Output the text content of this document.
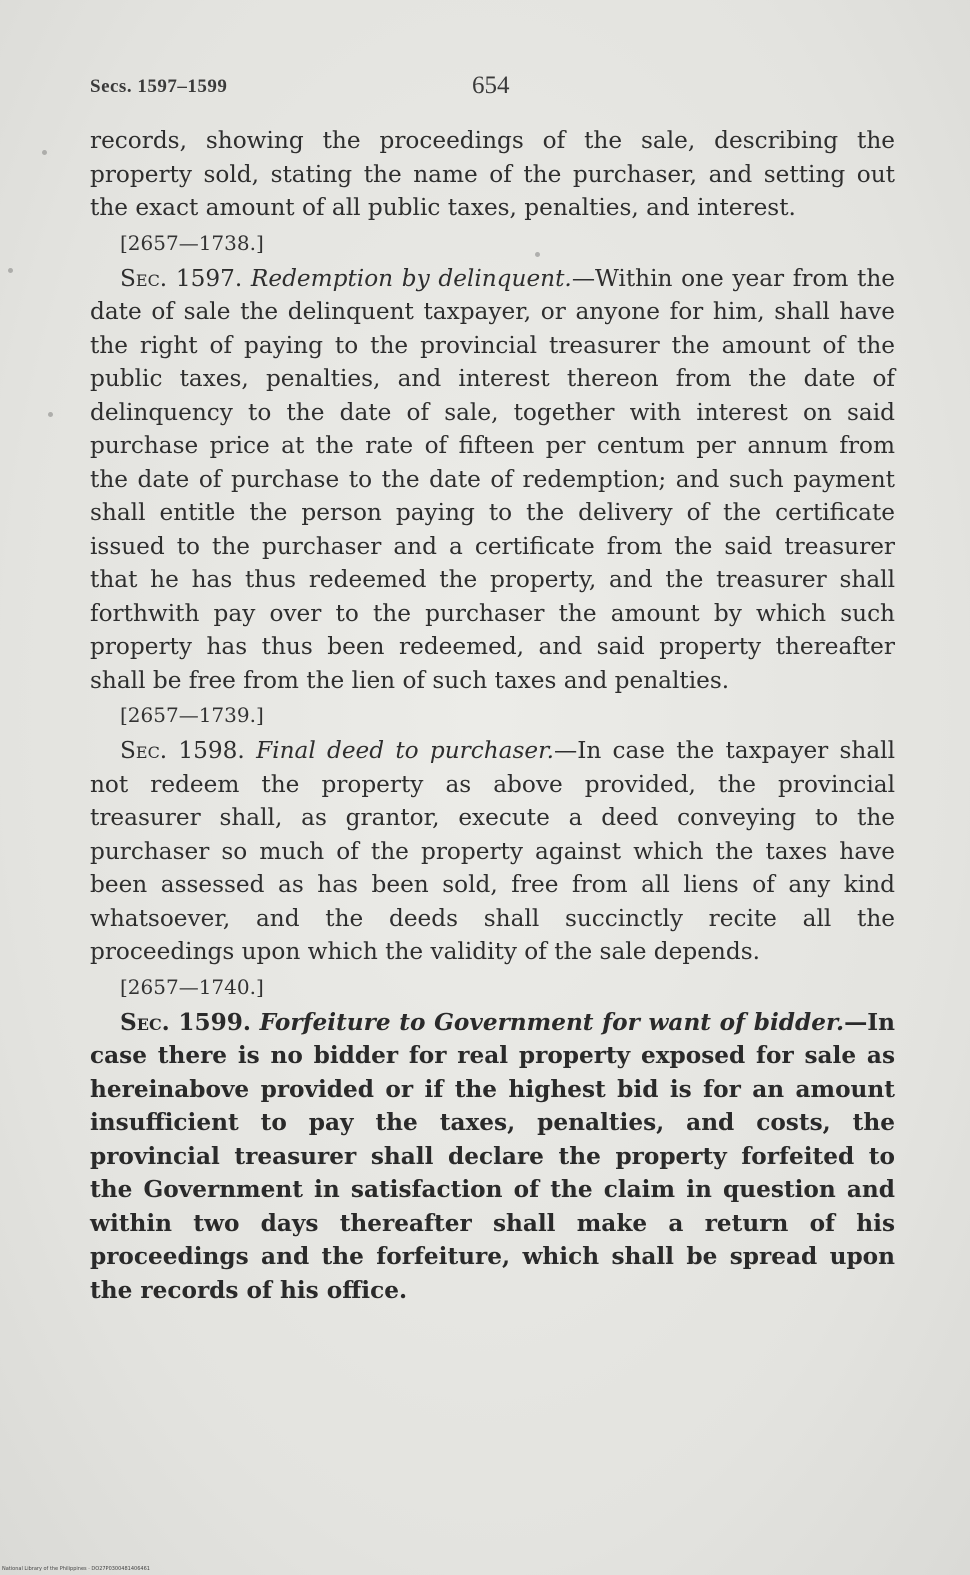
Secs. 1597–1599	654

records, showing the proceedings of the sale, describing the property sold, stating the name of the purchaser, and setting out the exact amount of all public taxes, penalties, and interest.

[2657—1738.]

Sec. 1597. Redemption by delinquent.—Within one year from the date of sale the delinquent taxpayer, or anyone for him, shall have the right of paying to the provincial treasurer the amount of the public taxes, penalties, and interest thereon from the date of delinquency to the date of sale, together with interest on said purchase price at the rate of fifteen per centum per annum from the date of purchase to the date of redemption; and such payment shall entitle the person paying to the delivery of the certificate issued to the purchaser and a certificate from the said treasurer that he has thus redeemed the property, and the treasurer shall forthwith pay over to the purchaser the amount by which such property has thus been redeemed, and said property thereafter shall be free from the lien of such taxes and penalties.

[2657—1739.]

Sec. 1598. Final deed to purchaser.—In case the taxpayer shall not redeem the property as above provided, the provincial treasurer shall, as grantor, execute a deed conveying to the purchaser so much of the property against which the taxes have been assessed as has been sold, free from all liens of any kind whatsoever, and the deeds shall succinctly recite all the proceedings upon which the validity of the sale depends.

[2657—1740.]

Sec. 1599. Forfeiture to Government for want of bidder.—In case there is no bidder for real property exposed for sale as hereinabove provided or if the highest bid is for an amount insufficient to pay the taxes, penalties, and costs, the provincial treasurer shall declare the property forfeited to the Government in satisfaction of the claim in question and within two days thereafter shall make a return of his proceedings and the forfeiture, which shall be spread upon the records of his office.

National Library of the Philippines · DO27P0300481406461
